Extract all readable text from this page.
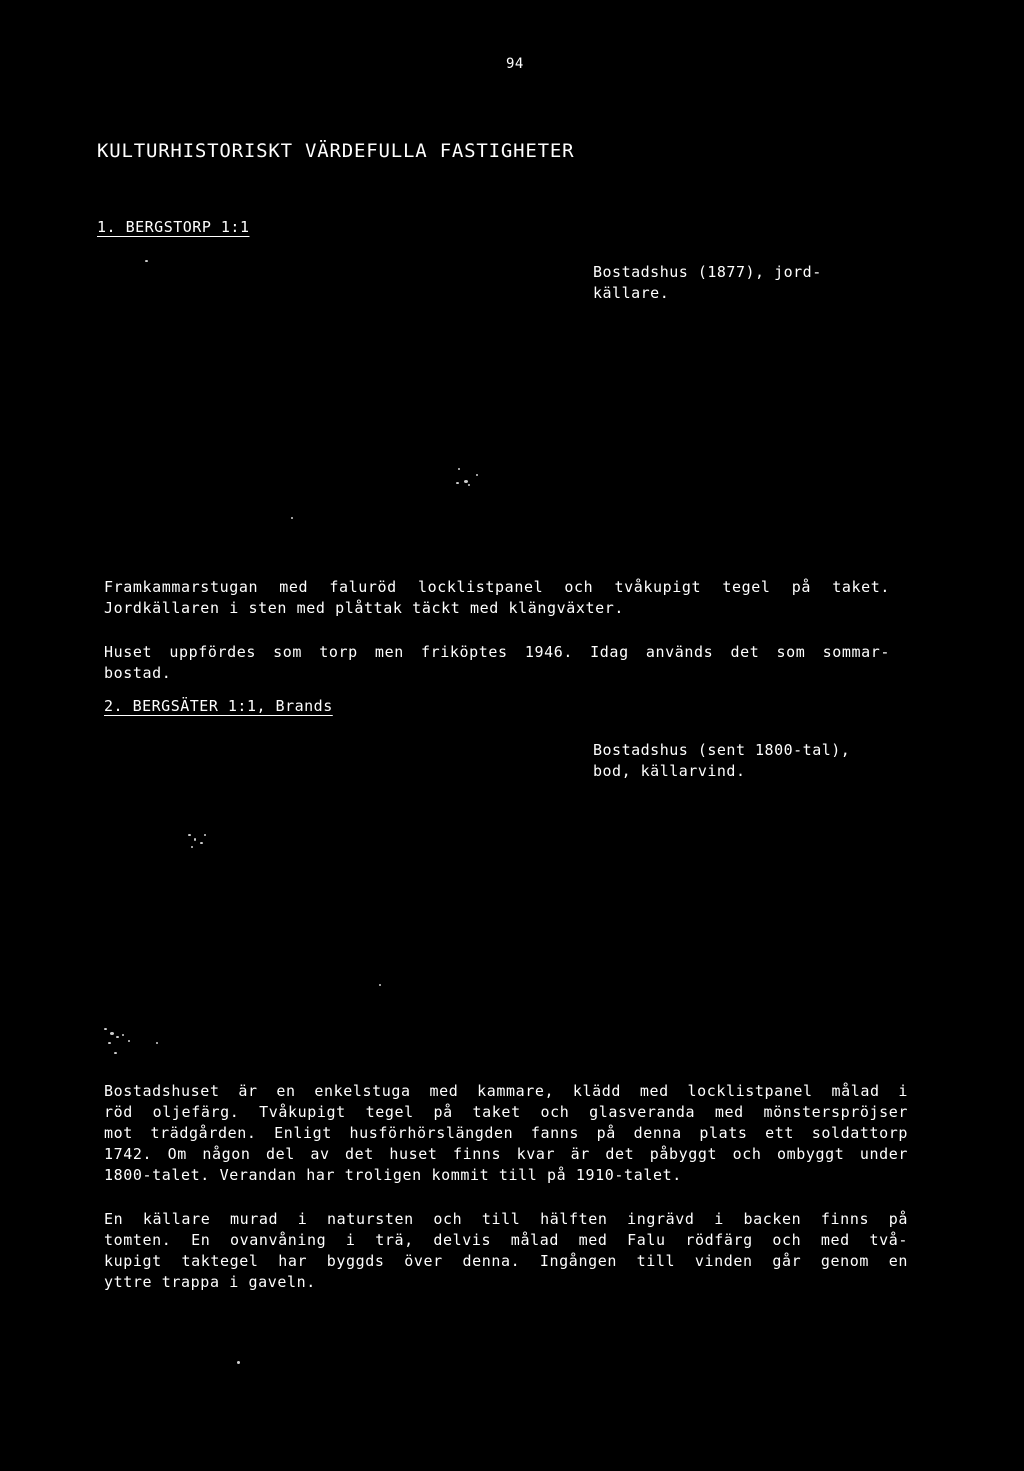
94
KULTURHISTORISKT VÄRDEFULLA FASTIGHETER
1. BERGSTORP 1:1
Bostadshus (1877), jord-
källare.
Framkammarstugan med faluröd locklistpanel och tvåkupigt tegel på taket.
Jordkällaren i sten med plåttak täckt med klängväxter.
Huset uppfördes som torp men friköptes 1946. Idag används det som sommar-
bostad.
2. BERGSÄTER 1:1, Brands
Bostadshus (sent 1800-tal),
bod, källarvind.
Bostadshuset är en enkelstuga med kammare, klädd med locklistpanel målad i
röd oljefärg. Tvåkupigt tegel på taket och glasveranda med mönsterspröjser
mot trädgården. Enligt husförhörslängden fanns på denna plats ett soldattorp
1742. Om någon del av det huset finns kvar är det påbyggt och ombyggt under
1800-talet. Verandan har troligen kommit till på 1910-talet.
En källare murad i natursten och till hälften ingrävd i backen finns på
tomten. En ovanvåning i trä, delvis målad med Falu rödfärg och med två-
kupigt taktegel har byggds över denna. Ingången till vinden går genom en
yttre trappa i gaveln.
